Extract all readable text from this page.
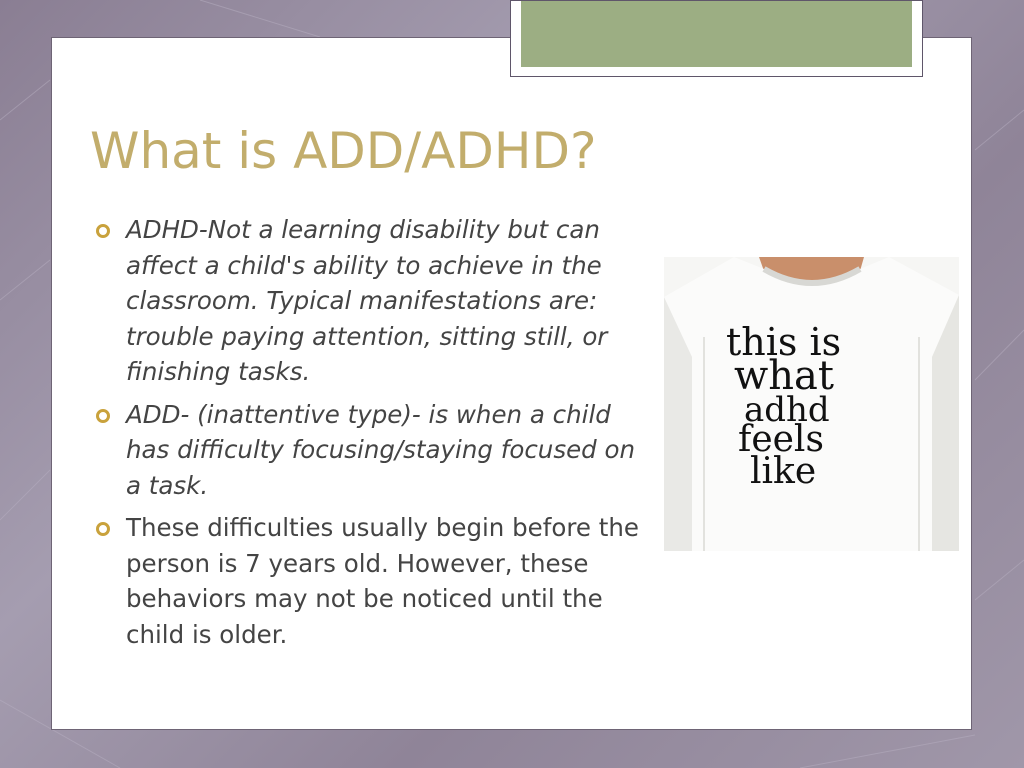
What is ADD/ADHD?
ADHD-Not a learning disability but can affect a child's ability to achieve in the classroom. Typical manifestations are: trouble paying attention, sitting still, or finishing tasks.
ADD- (inattentive type)- is when a child has difficulty focusing/staying focused on a task.
These difficulties usually begin before the person is 7 years old. However, these behaviors may not be noticed until the child is older.
this is
what
adhd
feels
like
